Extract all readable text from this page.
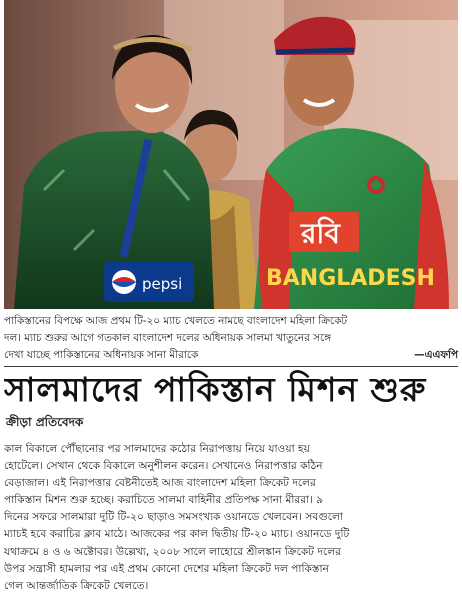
pepsi
রবি
BANGLADESH
পাকিস্তানের বিপক্ষে আজ প্রথম টি-২০ ম্যাচ খেলতে নামছে বাংলাদেশ মহিলা ক্রিকেট
দল। ম্যাচ শুরুর আগে গতকাল বাংলাদেশ দলের অধিনায়ক সালমা খাতুনের সঙ্গে
দেখা যাচ্ছে পাকিস্তানের অধিনায়ক সানা মীরাকে	—এএফপি
সালমাদের পাকিস্তান মিশন শুরু
ক্রীড়া প্রতিবেদক
কাল বিকালে পৌঁছানোর পর সালমাদের কঠোর নিরাপত্তায় নিয়ে যাওয়া হয়
হোটেলে। সেখান থেকে বিকালে অনুশীলন করেন। সেখানেও নিরাপত্তার কঠিন
বেড়াজাল। এই নিরাপত্তার বেষ্টনীতেই আজ বাংলাদেশ মহিলা ক্রিকেট দলের
পাকিস্তান মিশন শুরু হচ্ছে। করাচিতে সালমা বাহিনীর প্রতিপক্ষ সানা মীররা। ৯
দিনের সফরে সালমারা দুটি টি-২০ ছাড়াও সমসংখ্যক ওয়ানডে খেলবেন। সবগুলো
ম্যাচই হবে করাচির ক্লাব মাঠে। আজকের পর কাল দ্বিতীয় টি-২০ ম্যাচ। ওয়ানডে দুটি
যথাক্রমে ৪ ও ৬ অক্টোবর। উল্লেখ্য, ২০০৮ সালে লাহোরে শ্রীলঙ্কান ক্রিকেট দলের
উপর সন্ত্রাসী হামলার পর এই প্রথম কোনো দেশের মহিলা ক্রিকেট দল পাকিস্তান
গেল আন্তর্জাতিক ক্রিকেট খেলতে।
